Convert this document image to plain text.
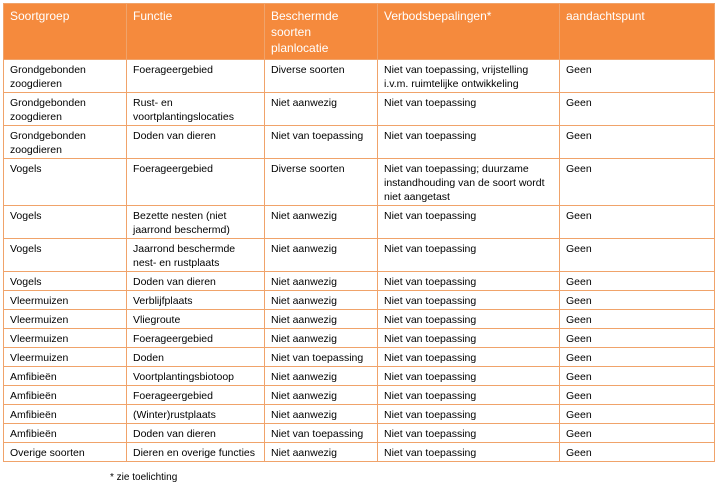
Soortgroep	Functie	Beschermde soorten planlocatie	Verbodsbepalingen*	aandachtspunt
Grondgebonden zoogdieren	Foerageergebied	Diverse soorten	Niet van toepassing, vrijstelling i.v.m. ruimtelijke ontwikkeling	Geen
Grondgebonden zoogdieren	Rust- en voortplantingslocaties	Niet aanwezig	Niet van toepassing	Geen
Grondgebonden zoogdieren	Doden van dieren	Niet van toepassing	Niet van toepassing	Geen
Vogels	Foerageergebied	Diverse soorten	Niet van toepassing; duurzame instandhouding van de soort wordt niet aangetast	Geen
Vogels	Bezette nesten (niet jaarrond beschermd)	Niet aanwezig	Niet van toepassing	Geen
Vogels	Jaarrond beschermde nest- en rustplaats	Niet aanwezig	Niet van toepassing	Geen
Vogels	Doden van dieren	Niet aanwezig	Niet van toepassing	Geen
Vleermuizen	Verblijfplaats	Niet aanwezig	Niet van toepassing	Geen
Vleermuizen	Vliegroute	Niet aanwezig	Niet van toepassing	Geen
Vleermuizen	Foerageergebied	Niet aanwezig	Niet van toepassing	Geen
Vleermuizen	Doden	Niet van toepassing	Niet van toepassing	Geen
Amfibieën	Voortplantingsbiotoop	Niet aanwezig	Niet van toepassing	Geen
Amfibieën	Foerageergebied	Niet aanwezig	Niet van toepassing	Geen
Amfibieën	(Winter)rustplaats	Niet aanwezig	Niet van toepassing	Geen
Amfibieën	Doden van dieren	Niet van toepassing	Niet van toepassing	Geen
Overige soorten	Dieren en overige functies	Niet aanwezig	Niet van toepassing	Geen
* zie toelichting
